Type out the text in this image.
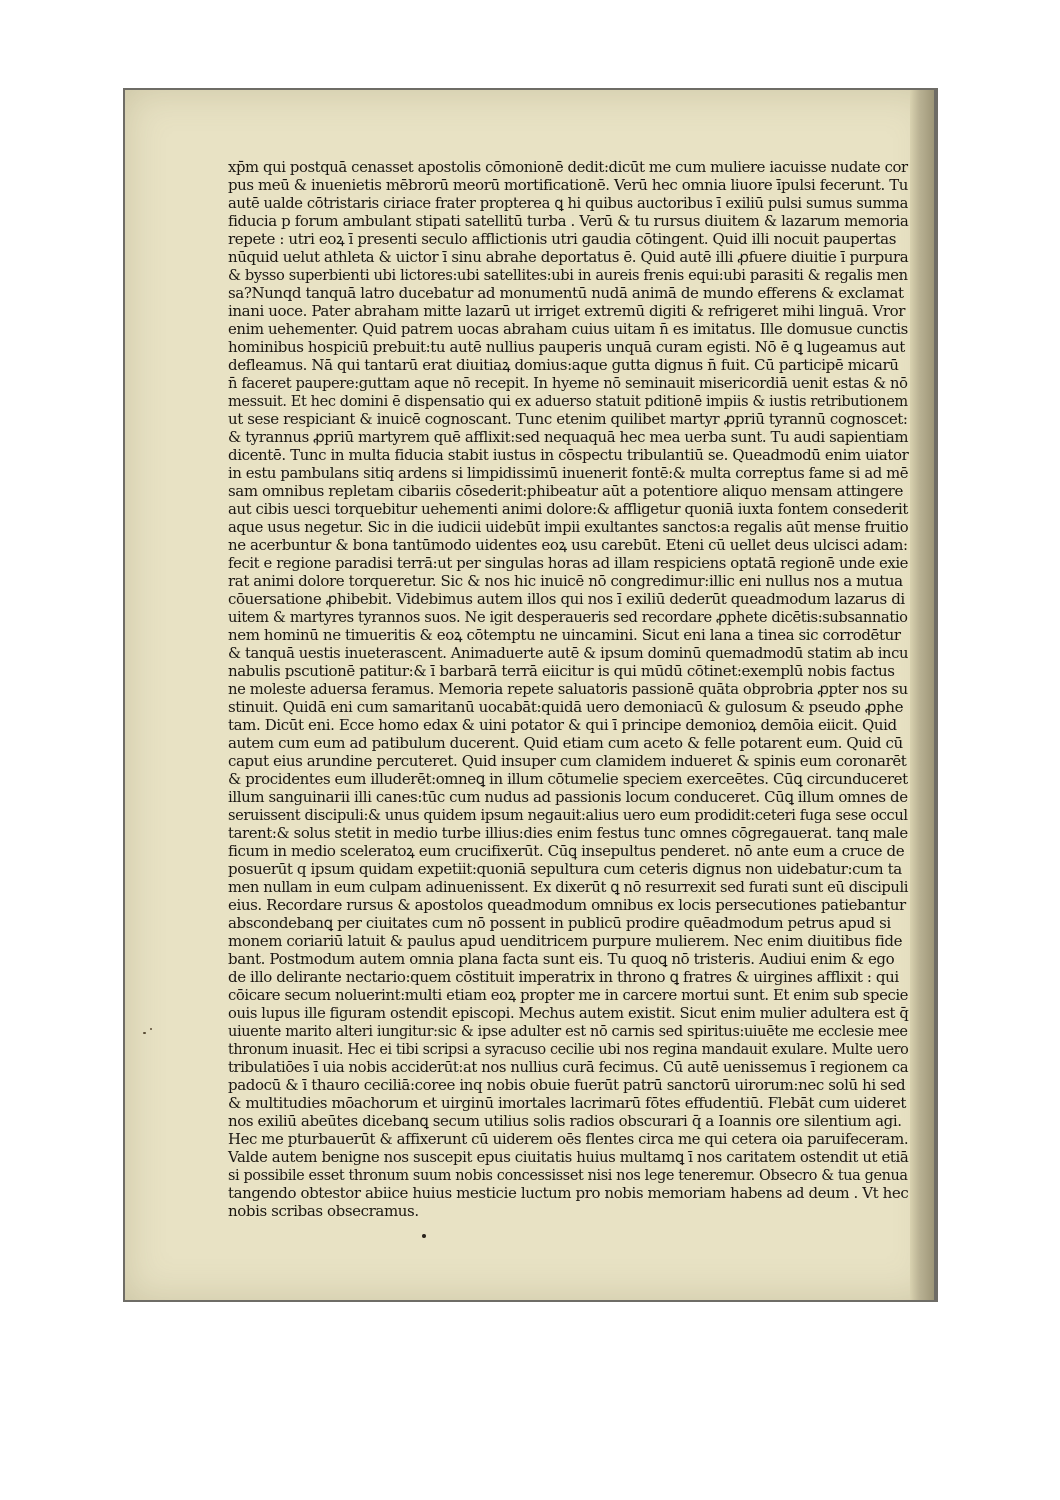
xp̄m qui postquā cenasset apostolis cōmonionē dedit:dicūt me cum muliere iacuisse nudate cor
pus meū & inuenietis mēbrorū meorū mortificationē. Verū hec omnia liuore īpulsi fecerunt. Tu
autē ualde cōtristaris ciriace frater propterea ꝗ hi quibus auctoribus ī exiliū pulsi sumus summa
fiducia p forum ambulant stipati satellitū turba . Verū & tu rursus diuitem & lazarum memoria
repete : utri eoꝝ ī presenti seculo afflictionis utri gaudia cōtingent. Quid illi nocuit paupertas
nūquid uelut athleta & uictor ī sinu abrahe deportatus ē. Quid autē illi ꝓfuere diuitie ī purpura
& bysso superbienti ubi lictores:ubi satellites:ubi in aureis frenis equi:ubi parasiti & regalis men
sa?Nunqd tanquā latro ducebatur ad monumentū nudā animā de mundo efferens & exclamat
inani uoce. Pater abraham mitte lazarū ut irriget extremū digiti & refrigeret mihi linguā. Vror
enim uehementer. Quid patrem uocas abraham cuius uitam n̄ es imitatus. Ille domusue cunctis
hominibus hospiciū prebuit:tu autē nullius pauperis unquā curam egisti. Nō ē ꝗ lugeamus aut
defleamus. Nā qui tantarū erat diuitiaꝝ domius:aque gutta dignus n̄ fuit. Cū participē micarū
n̄ faceret paupere:guttam aque nō recepit. In hyeme nō seminauit misericordiā uenit estas & nō
messuit. Et hec domini ē dispensatio qui ex aduerso statuit pditionē impiis & iustis retributionem
ut sese respiciant & inuicē cognoscant. Tunc etenim quilibet martyr ꝓpriū tyrannū cognoscet:
& tyrannus ꝓpriū martyrem quē afflixit:sed nequaquā hec mea uerba sunt. Tu audi sapientiam
dicentē. Tunc in multa fiducia stabit iustus in cōspectu tribulantiū se. Queadmodū enim uiator
in estu pambulans sitiq ardens si limpidissimū inuenerit fontē:& multa correptus fame si ad mē
sam omnibus repletam cibariis cōsederit:phibeatur aūt a potentiore aliquo mensam attingere
aut cibis uesci torquebitur uehementi animi dolore:& affligetur quoniā iuxta fontem consederit
aque usus negetur. Sic in die iudicii uidebūt impii exultantes sanctos:a regalis aūt mense fruitio
ne acerbuntur & bona tantūmodo uidentes eoꝝ usu carebūt. Eteni cū uellet deus ulcisci adam:
fecit e regione paradisi terrā:ut per singulas horas ad illam respiciens optatā regionē unde exie
rat animi dolore torqueretur. Sic & nos hic inuicē nō congredimur:illic eni nullus nos a mutua
cōuersatione ꝓhibebit. Videbimus autem illos qui nos ī exiliū dederūt queadmodum lazarus di
uitem & martyres tyrannos suos. Ne igit desperaueris sed recordare ꝓphete dicētis:subsannatio
nem hominū ne timueritis & eoꝝ cōtemptu ne uincamini. Sicut eni lana a tinea sic corrodētur
& tanquā uestis inueterascent. Animaduerte autē & ipsum dominū quemadmodū statim ab incu
nabulis pscutionē patitur:& ī barbarā terrā eiicitur is qui mūdū cōtinet:exemplū nobis factus
ne moleste aduersa feramus. Memoria repete saluatoris passionē quāta obprobria ꝓpter nos su
stinuit. Quidā eni cum samaritanū uocabāt:quidā uero demoniacū & gulosum & pseudo ꝓphe
tam. Dicūt eni. Ecce homo edax & uini potator & qui ī principe demonioꝝ demōia eiicit. Quid
autem cum eum ad patibulum ducerent. Quid etiam cum aceto & felle potarent eum. Quid cū
caput eius arundine percuteret. Quid insuper cum clamidem indueret & spinis eum coronarēt
& procidentes eum illuderēt:omneꝗ in illum cōtumelie speciem exerceētes. Cūꝗ circunduceret
illum sanguinarii illi canes:tūc cum nudus ad passionis locum conduceret. Cūꝗ illum omnes de
seruissent discipuli:& unus quidem ipsum negauit:alius uero eum prodidit:ceteri fuga sese occul
tarent:& solus stetit in medio turbe illius:dies enim festus tunc omnes cōgregauerat. tanq male
ficum in medio sceleratoꝝ eum crucifixerūt. Cūꝗ insepultus penderet. nō ante eum a cruce de
posuerūt q ipsum quidam expetiit:quoniā sepultura cum ceteris dignus non uidebatur:cum ta
men nullam in eum culpam adinuenissent. Ex dixerūt ꝗ nō resurrexit sed furati sunt eū discipuli
eius. Recordare rursus & apostolos queadmodum omnibus ex locis persecutiones patiebantur
abscondebanꝗ per ciuitates cum nō possent in publicū prodire quēadmodum petrus apud si
monem coriariū latuit & paulus apud uenditricem purpure mulierem. Nec enim diuitibus fide
bant. Postmodum autem omnia plana facta sunt eis. Tu quoꝗ nō tristeris. Audiui enim & ego
de illo delirante nectario:quem cōstituit imperatrix in throno ꝗ fratres & uirgines afflixit : qui
cōicare secum noluerint:multi etiam eoꝝ propter me in carcere mortui sunt. Et enim sub specie
ouis lupus ille figuram ostendit episcopi. Mechus autem existit. Sicut enim mulier adultera est q̄
uiuente marito alteri iungitur:sic & ipse adulter est nō carnis sed spiritus:uiuēte me ecclesie mee
thronum inuasit. Hec ei tibi scripsi a syracuso cecilie ubi nos regina mandauit exulare. Multe uero
tribulatiōes ī uia nobis acciderūt:at nos nullius curā fecimus. Cū autē uenissemus ī regionem ca
padocū & ī thauro ceciliā:coree inq nobis obuie fuerūt patrū sanctorū uirorum:nec solū hi sed
& multitudies mōachorum et uirginū imortales lacrimarū fōtes effudentiū. Flebāt cum uideret
nos exiliū abeūtes dicebanꝗ secum utilius solis radios obscurari q̄ a Ioannis ore silentium agi.
Hec me pturbauerūt & affixerunt cū uiderem oēs flentes circa me qui cetera oia paruifeceram.
Valde autem benigne nos suscepit epus ciuitatis huius multamꝗ ī nos caritatem ostendit ut etiā
si possibile esset thronum suum nobis concessisset nisi nos lege teneremur. Obsecro & tua genua
tangendo obtestor abiice huius mesticie luctum pro nobis memoriam habens ad deum . Vt hec
nobis scribas obsecramus.
